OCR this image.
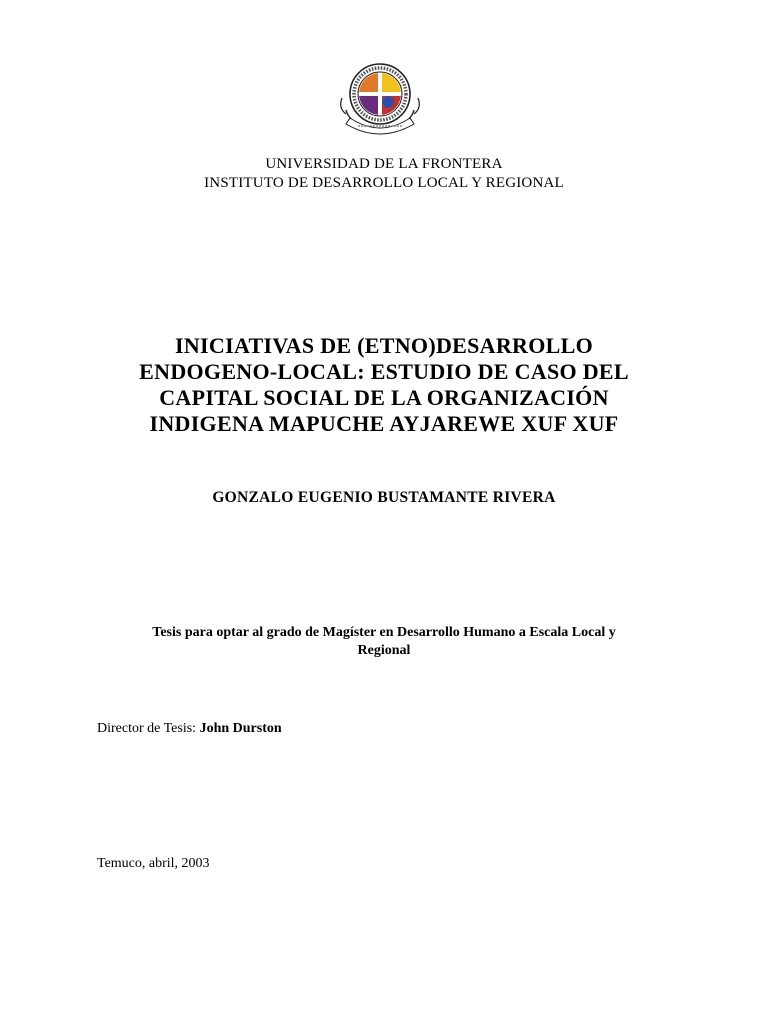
UNIVERSIDAD DE LA FRONTERA
INSTITUTO DE DESARROLLO LOCAL Y REGIONAL
INICIATIVAS DE (ETNO)DESARROLLO
ENDOGENO-LOCAL: ESTUDIO DE CASO DEL
CAPITAL SOCIAL DE LA ORGANIZACIÓN
INDIGENA MAPUCHE AYJAREWE XUF XUF
GONZALO EUGENIO BUSTAMANTE RIVERA
Tesis para optar al grado de Magíster en Desarrollo Humano a Escala Local y
Regional
Director de Tesis: John Durston
Temuco, abril, 2003
